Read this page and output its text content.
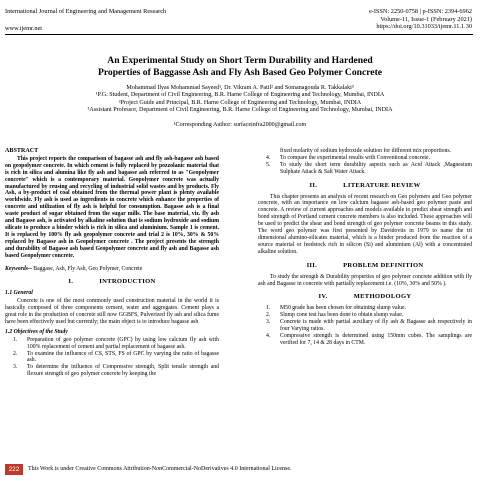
International Journal of Engineering and Management Research
www.ijemr.net
e-ISSN: 2250-0758 | p-ISSN: 2394-6962
Volume-11, Issue-1 (February 2021)
https://doi.org/10.31033/ijemr.11.1.30
An Experimental Study on Short Term Durability and Hardened
Properties of Baggasse Ash and Fly Ash Based Geo Polymer Concrete
Mohammad Ilyas Mohammad Sayeed¹, Dr. Vikram A. Patil² and Somanagouda R. Takkalaki³
¹P.G. Student, Department of Civil Engineering, B.R. Harne College of Engineering and Technology, Mumbai, INDIA
²Project Guide and Principal, B.R. Harne College of Engineering and Technology, Mumbai, INDIA
³Assistant Professor, Department of Civil Engineering, B.R. Harne College of Engineering and Technology, Mumbai, INDIA
¹Corresponding Author: surfaceinfra2000@gmail.com
ABSTRACT

This project reports the comparison of bagasse ash and fly ash-bagasse ash based on geopolymer concrete. In which cement is fully replaced by pozzolanic material that is rich in silica and alumina like fly ash and bagasse ash referred to as "Geopolymer concrete" which is a contemporary material. Geopolymer concrete was actually manufactured by reusing and recycling of industrial solid wastes and by products. Fly Ash, a by-product of coal obtained from the thermal power plant is plenty available worldwide. Fly ash is used as ingredients in concrete which enhance the properties of concrete and utilization of fly ash is helpful for consumption. Bagasse ash is a final waste product of sugar obtained from the sugar mills. The base material, viz. fly ash and Bagasse ash, is activated by alkaline solution that is sodium hydroxide and sodium silicate to produce a binder which is rich in silica and aluminium. Sample 1 is cement. It is replaced by 100% fly ash geopolymer concrete and trial 2 is 10%, 30% & 50% replaced by Bagasse ash in Geopolymer concrete . The project presents the strength and durability of Bagasse ash based Geopolymer concrete and fly ash and Bagasse ash based Geopolymer concrete.

Keywords-- Baggase, Ash, Fly Ash, Geo Polymer, Concrete

I.	INTRODUCTION
1.1 General

Concrete is one of the most commonly used construction material in the world it is basically composed of three components cement, water and aggregates. Cement plays a great role in the production of concrete still now GGBFS, Pulverized fly ash and silica fume have been effectively used but currently; the main object is to introduce bagasse ash

1.2 Objectives of the Study
1. Preparation of geo polymer concrete (GPC) by using low calcium fly ash with 100% replacement of cement and partial replacement of bagasse ash.
2. To examine the influence of CS, STS, FS of GPC by varying the ratio of bagasse ash.
3. To determine the influence of Compressive strength, Split tensile strength and flexure strength of geo polymer concrete by keeping the

fixed molarity of sodium hydroxide solution for different mix proportions.

4. To compare the experimental results with Conventional concrete.
5. To study the short term durability aspects such as Acid Attack ,Magnesium Sulphate Attack & Salt Water Attack.
II.	LITERATURE REVIEW

This chapter presents an analysis of recent research on Geo polymers and Geo polymer concrete, with an importance on low calcium bagasse ash-based geo polymer paste and concrete. A review of current approaches and models available to predict shear strength and bond strength of Portland cement concrete members is also included. These approaches will be used to predict the shear and bond strength of geo polymer concrete beams in this study. The word geo polymer was first presented by Davidovits in 1979 to name the tri dimensional alumino-silicates material, which is a binder produced from the reaction of a source material or feedstock rich in silicon (Si) and aluminium (Al) with a concentrated alkaline solution.

III.	PROBLEM DEFINITION

To study the strength & Durability properties of geo polymer concrete addition with fly ash and Bagasse in concrete with partially replacement i.e. (10%, 30% and 50% ).

IV.	METHODOLOGY
1. M50 grade has been chosen for obtaining slump value.
2. Slump cone test has been done to obtain slump value.
3. Concrete is made with partial auxiliary of fly ash & Bagasse ash respectively in four Varying ratios.
4. Compressive strength is determined using 150mm cubes. The samplings are verified for 7, 14 & 28 days in CTM.
222	This Work is under Creative Commons Attribution-NonCommercial-NoDerivatives 4.0 International License.
